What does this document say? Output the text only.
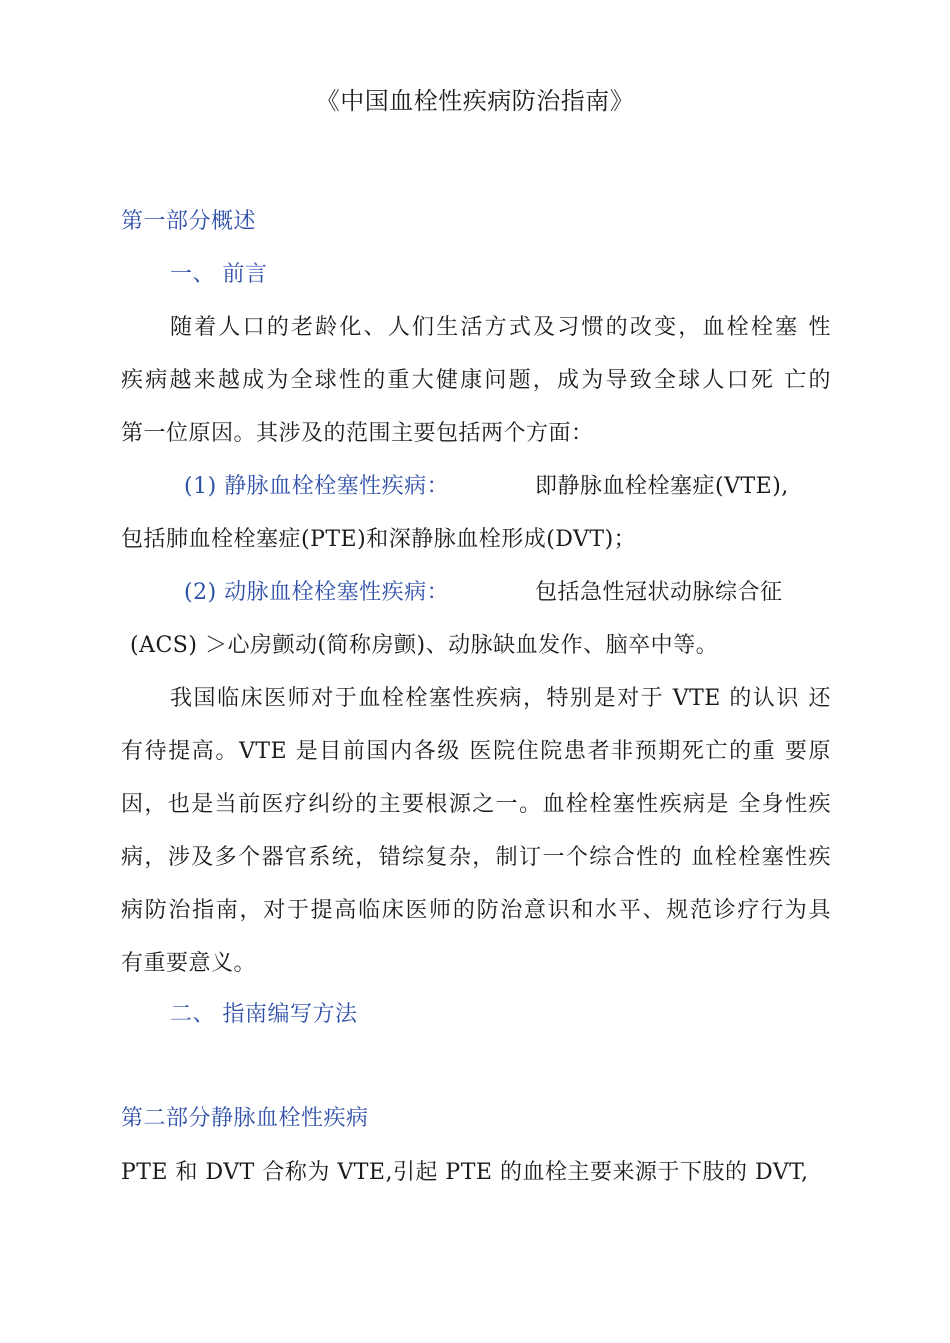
《中国血栓性疾病防治指南》
第一部分概述
一、 前言
随着人口的老龄化、人们生活方式及习惯的改变，血栓栓塞 性
疾病越来越成为全球性的重大健康问题，成为导致全球人口死 亡的
第一位原因。其涉及的范围主要包括两个方面：
(1) 静脉血栓栓塞性疾病：	即静脉血栓栓塞症(VTE),
包括肺血栓栓塞症(PTE)和深静脉血栓形成(DVT)；
(2) 动脉血栓栓塞性疾病：	包括急性冠状动脉综合征
(ACS) ＞心房颤动(简称房颤)、动脉缺血发作、脑卒中等。
我国临床医师对于血栓栓塞性疾病，特别是对于 VTE 的认识 还
有待提高。VTE 是目前国内各级 医院住院患者非预期死亡的重 要原
因，也是当前医疗纠纷的主要根源之一。血栓栓塞性疾病是 全身性疾
病，涉及多个器官系统，错综复杂，制订一个综合性的 血栓栓塞性疾
病防治指南，对于提高临床医师的防治意识和水平、规范诊疗行为具
有重要意义。
二、 指南编写方法
第二部分静脉血栓性疾病
PTE 和 DVT 合称为 VTE,引起 PTE 的血栓主要来源于下肢的 DVT,
